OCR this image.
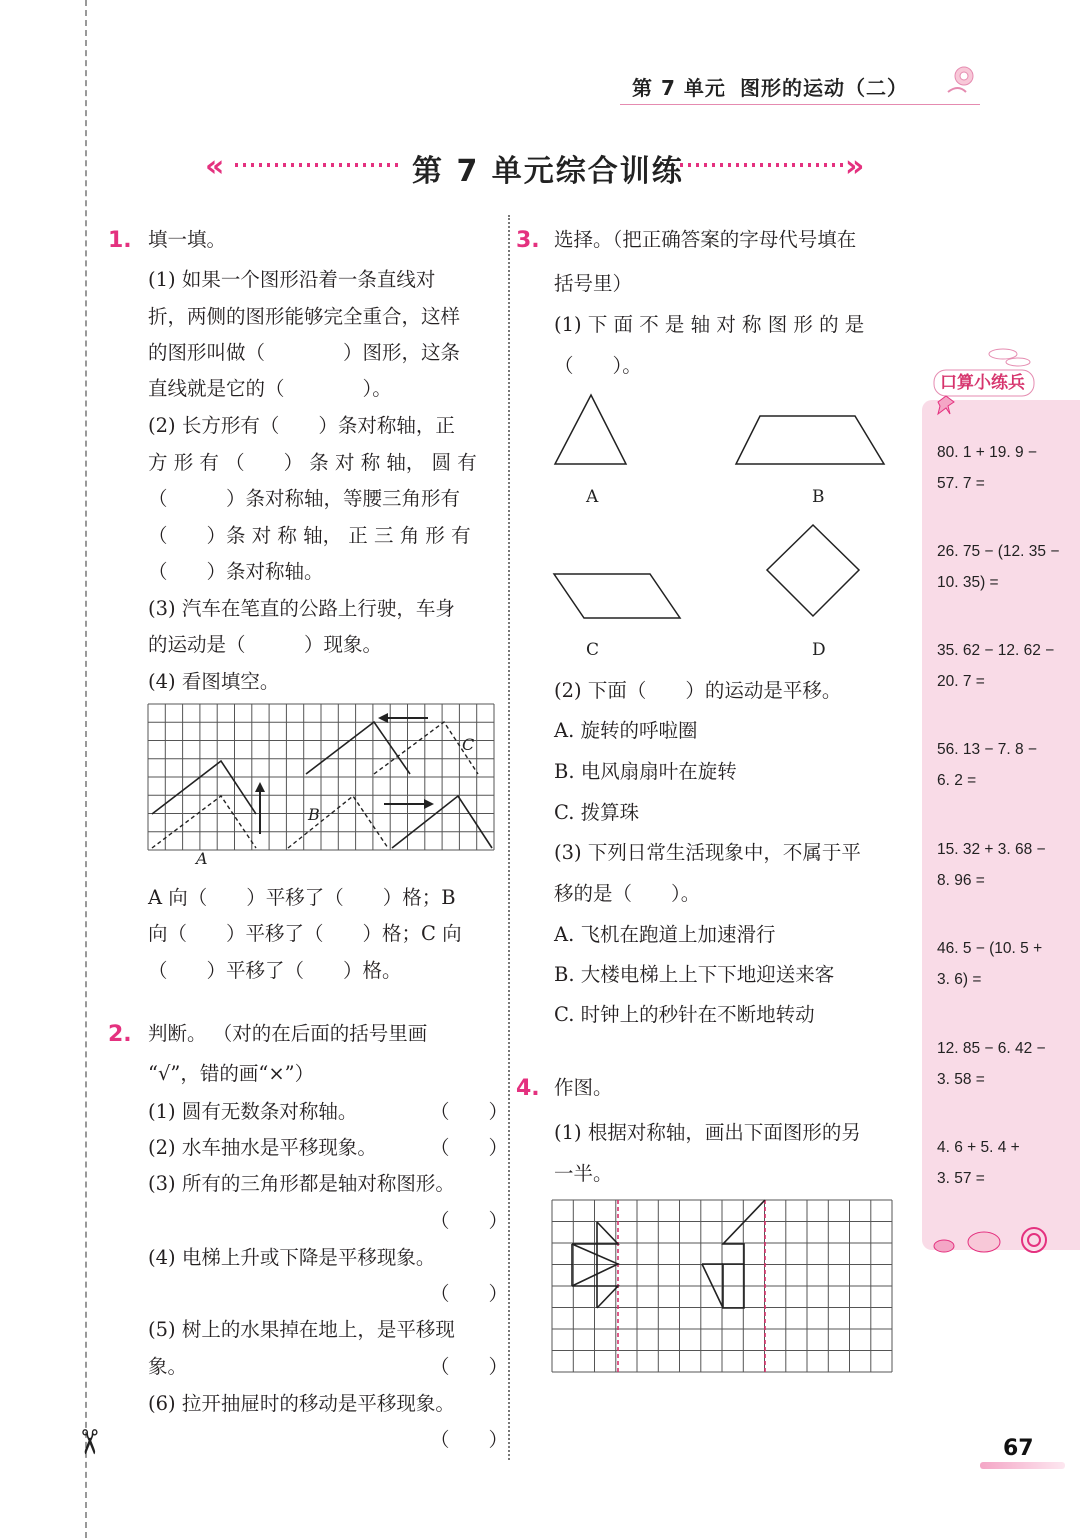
✂
第 7 单元 图形的运动（二）
«	»
第 7 单元综合训练
1. 填一填。
(1) 如果一个图形沿着一条直线对
折，两侧的图形能够完全重合，这样
的图形叫做（　　　　）图形，这条
直线就是它的（　　　　）。
(2) 长方形有（　　）条对称轴，正
方 形 有 （　　） 条 对 称 轴， 圆 有
（　　　）条对称轴，等腰三角形有
（　　）条 对 称 轴， 正 三 角 形 有
（　　）条对称轴。
(3) 汽车在笔直的公路上行驶，车身
的运动是（　　　）现象。
(4) 看图填空。
A
B
C
A 向（　　）平移了（　　）格；B
向（　　）平移了（　　）格；C 向
（　　）平移了（　　）格。
2. 判断。 （对的在后面的括号里画
“√”，错的画“×”）
(1) 圆有无数条对称轴。	（　　）
(2) 水车抽水是平移现象。	（　　）
(3) 所有的三角形都是轴对称图形。
（　　）
(4) 电梯上升或下降是平移现象。
（　　）
(5) 树上的水果掉在地上，是平移现
象。	（　　）
(6) 拉开抽屉时的移动是平移现象。
（　　）
3. 选择。（把正确答案的字母代号填在
括号里）
(1) 下 面 不 是 轴 对 称 图 形 的 是
（　　）。
A	B
C	D
(2) 下面（　　）的运动是平移。
A. 旋转的呼啦圈
B. 电风扇扇叶在旋转
C. 拨算珠
(3) 下列日常生活现象中，不属于平
移的是（　　）。
A. 飞机在跑道上加速滑行
B. 大楼电梯上上下下地迎送来客
C. 时钟上的秒针在不断地转动
4. 作图。
(1) 根据对称轴，画出下面图形的另
一半。
口算小练兵
80. 1 + 19. 9 −
57. 7 =
26. 75 − (12. 35 −
10. 35) =
35. 62 − 12. 62 −
20. 7 =
56. 13 − 7. 8 −
6. 2 =
15. 32 + 3. 68 −
8. 96 =
46. 5 − (10. 5 +
3. 6) =
12. 85 − 6. 42 −
3. 58 =
4. 6 + 5. 4 +
3. 57 =
67
